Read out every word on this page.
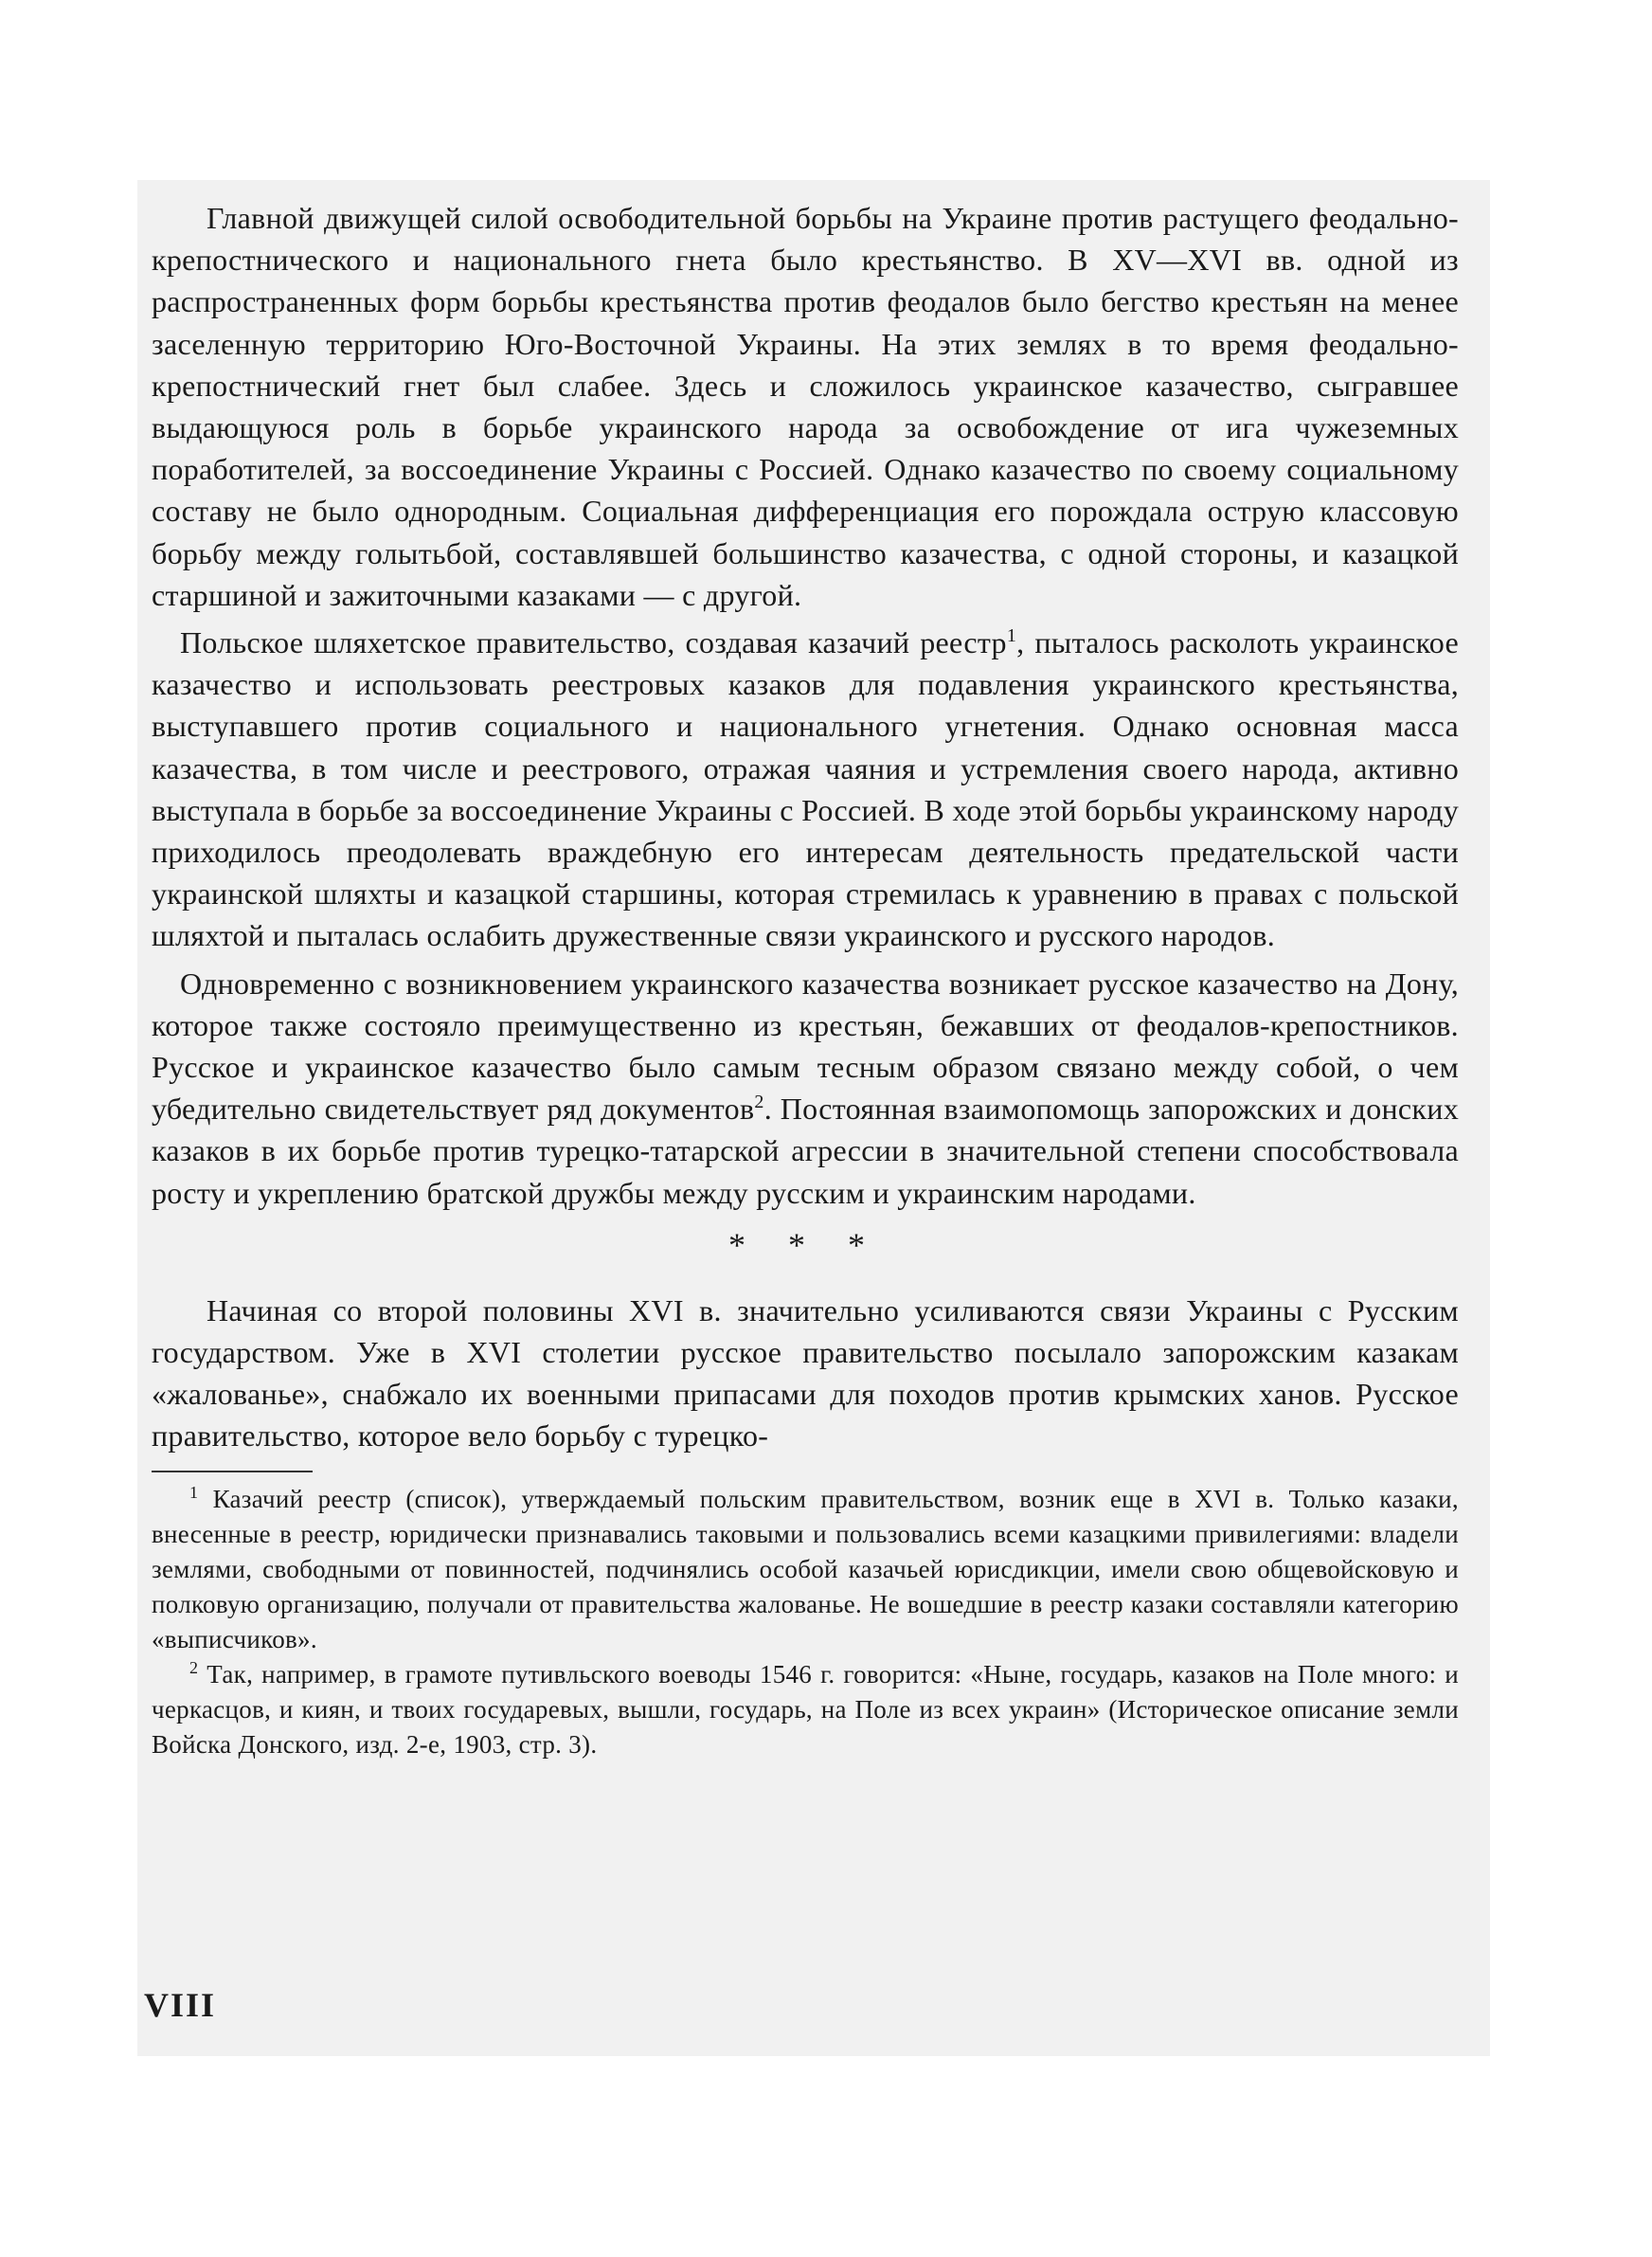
Главной движущей силой освободительной борьбы на Украине против растущего феодально-крепостнического и национального гнета было крестьянство. В XV—XVI вв. одной из распространенных форм борьбы крестьянства против феодалов было бегство крестьян на менее заселенную территорию Юго-Восточной Украины. На этих землях в то время феодально-крепостнический гнет был слабее. Здесь и сложилось украинское казачество, сыгравшее выдающуюся роль в борьбе украинского народа за освобождение от ига чужеземных поработителей, за воссоединение Украины с Россией. Однако казачество по своему социальному составу не было однородным. Социальная дифференциация его порождала острую классовую борьбу между голытьбой, составлявшей большинство казачества, с одной стороны, и казацкой старшиной и зажиточными казаками — с другой.

Польское шляхетское правительство, создавая казачий реестр$^1$, пыталось расколоть украинское казачество и использовать реестровых казаков для подавления украинского крестьянства, выступавшего против социального и национального угнетения. Однако основная масса казачества, в том числе и реестрового, отражая чаяния и устремления своего народа, активно выступала в борьбе за воссоединение Украины с Россией. В ходе этой борьбы украинскому народу приходилось преодолевать враждебную его интересам деятельность предательской части украинской шляхты и казацкой старшины, которая стремилась к уравнению в правах с польской шляхтой и пыталась ослабить дружественные связи украинского и русского народов.

Одновременно с возникновением украинского казачества возникает русское казачество на Дону, которое также состояло преимущественно из крестьян, бежавших от феодалов-крепостников. Русское и украинское казачество было самым тесным образом связано между собой, о чем убедительно свидетельствует ряд документов$^2$. Постоянная взаимопомощь запорожских и донских казаков в их борьбе против турецко-татарской агрессии в значительной степени способствовала росту и укреплению братской дружбы между русским и украинским народами.

* * *

Начиная со второй половины XVI в. значительно усиливаются связи Украины с Русским государством. Уже в XVI столетии русское правительство посылало запорожским казакам «жалованье», снабжало их военными припасами для походов против крымских ханов. Русское правительство, которое вело борьбу с турецко-

$^1$ Казачий реестр (список), утверждаемый польским правительством, возник еще в XVI в. Только казаки, внесенные в реестр, юридически признавались таковыми и пользовались всеми казацкими привилегиями: владели землями, свободными от повинностей, подчинялись особой казачьей юрисдикции, имели свою общевойсковую и полковую организацию, получали от правительства жалованье. Не вошедшие в реестр казаки составляли категорию «выписчиков».

$^2$ Так, например, в грамоте путивльского воеводы 1546 г. говорится: «Ныне, государь, казаков на Поле много: и черкасцов, и киян, и твоих государевых, вышли, государь, на Поле из всех украин» (Историческое описание земли Войска Донского, изд. 2-е, 1903, стр. 3).

VIII
